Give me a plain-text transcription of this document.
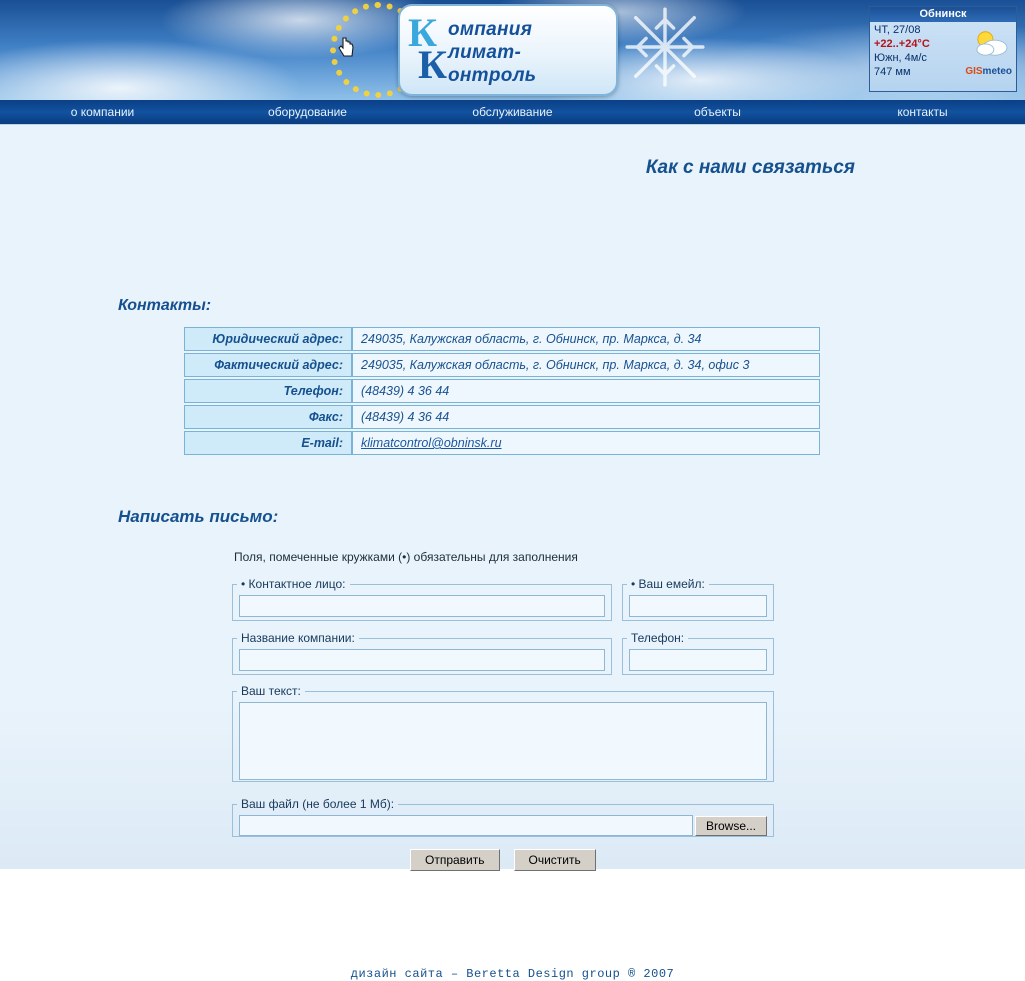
К
К
омпания
лимат-
онтроль
Обнинск
ЧТ, 27/08
+22..+24°C
Южн, 4м/с
747 мм	GISmeteo
о компании	оборудование	обслуживание	объекты	контакты
Как с нами связаться
Контакты:
Юридический адрес:	249035, Калужская область, г. Обнинск, пр. Маркса, д. 34
Фактический адрес:	249035, Калужская область, г. Обнинск, пр. Маркса, д. 34, офис 3
Телефон:	(48439) 4 36 44
Факс:	(48439) 4 36 44
E-mail:	klimatcontrol@obninsk.ru
Написать письмо:
Поля, помеченные кружками (•) обязательны для заполнения
• Контактное лицо:	• Ваш емейл:
Название компании:	Телефон:
Ваш текст:
Ваш файл (не более 1 Мб):
Browse...
Отправить	Очистить
дизайн сайта – Beretta Design group ® 2007
